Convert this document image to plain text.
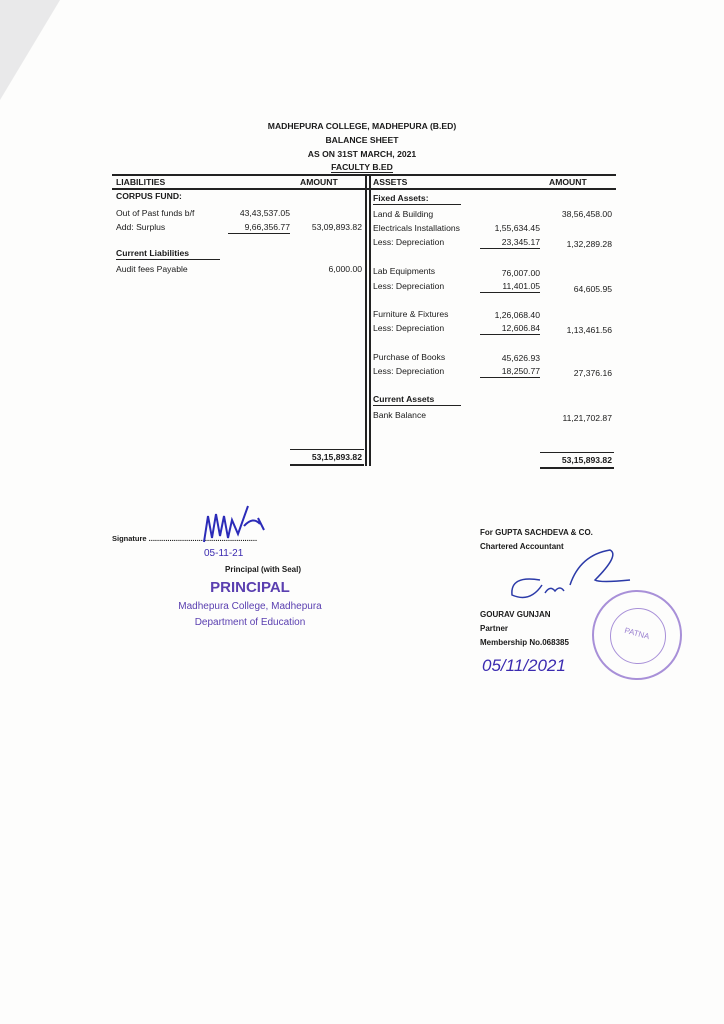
MADHEPURA COLLEGE, MADHEPURA (B.ED)
BALANCE SHEET
AS ON 31ST MARCH, 2021
FACULTY B.ED
LIABILITIES	AMOUNT
CORPUS FUND:
Out of Past funds b/f	43,43,537.05
Add: Surplus	9,66,356.77	53,09,893.82
Current Liabilities
Audit fees Payable	6,000.00
53,15,893.82
ASSETS	AMOUNT
Fixed Assets:
Land & Building	38,56,458.00
Electricals Installations	1,55,634.45
Less: Depreciation	23,345.17	1,32,289.28
Lab Equipments	76,007.00
Less: Depreciation	11,401.05	64,605.95
Furniture & Fixtures	1,26,068.40
Less: Depreciation	12,606.84	1,13,461.56
Purchase of Books	45,626.93
Less: Depreciation	18,250.77	27,376.16
Current Assets
Bank Balance	11,21,702.87
53,15,893.82
Signature ....................................................
05-11-21
Principal (with Seal)
PRINCIPAL
Madhepura College, Madhepura
Department of Education
For GUPTA SACHDEVA & CO.
Chartered Accountant
GOURAV GUNJAN
Partner
Membership No.068385
05/11/2021
PATNA
